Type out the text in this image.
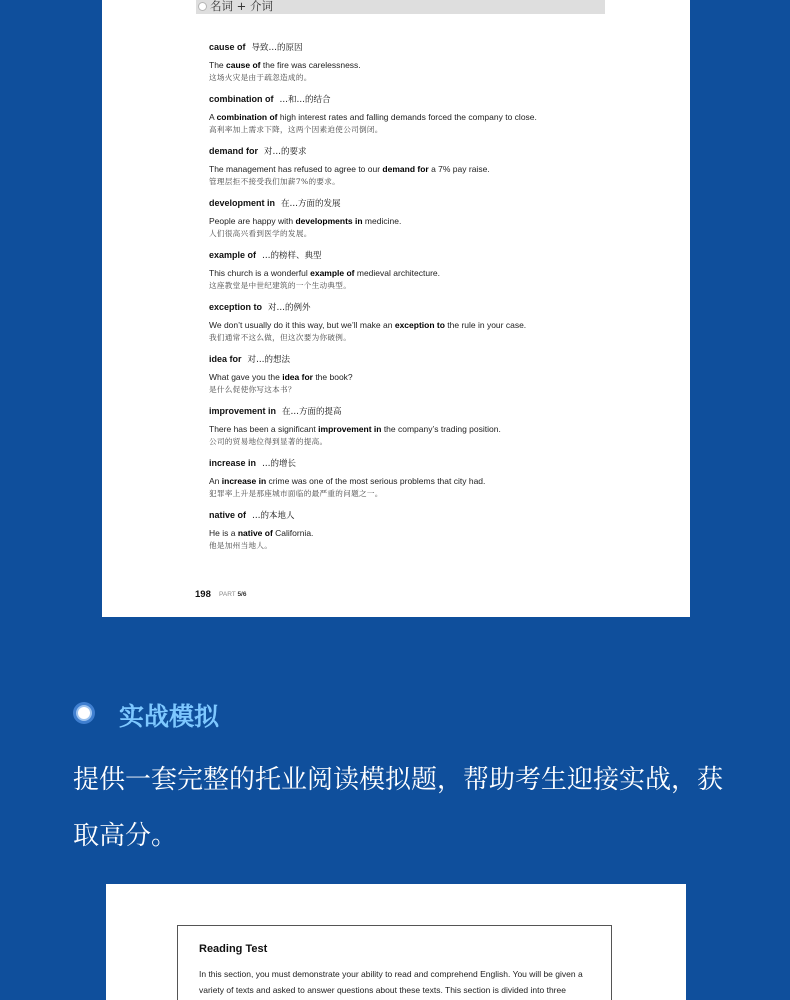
名词 + 介词
cause of 导致…的原因
The cause of the fire was carelessness.
这场火灾是由于疏忽造成的。
combination of …和…的结合
A combination of high interest rates and falling demands forced the company to close.
高利率加上需求下降，这两个因素迫使公司倒闭。
demand for 对…的要求
The management has refused to agree to our demand for a 7% pay raise.
管理层拒不接受我们加薪7%的要求。
development in 在…方面的发展
People are happy with developments in medicine.
人们很高兴看到医学的发展。
example of …的榜样、典型
This church is a wonderful example of medieval architecture.
这座教堂是中世纪建筑的一个生动典型。
exception to 对…的例外
We don’t usually do it this way, but we’ll make an exception to the rule in your case.
我们通常不这么做，但这次要为你破例。
idea for 对…的想法
What gave you the idea for the book?
是什么促使你写这本书？
improvement in 在…方面的提高
There has been a significant improvement in the company’s trading position.
公司的贸易地位得到显著的提高。
increase in …的增长
An increase in crime was one of the most serious problems that city had.
犯罪率上升是那座城市面临的最严重的问题之一。
native of …的本地人
He is a native of California.
他是加州当地人。
198 PART 5/6
实战模拟
提供一套完整的托业阅读模拟题，帮助考生迎接实战，获取高分。
Reading Test
In this section, you must demonstrate your ability to read and comprehend English. You will be given a variety of texts and asked to answer questions about these texts. This section is divided into three
